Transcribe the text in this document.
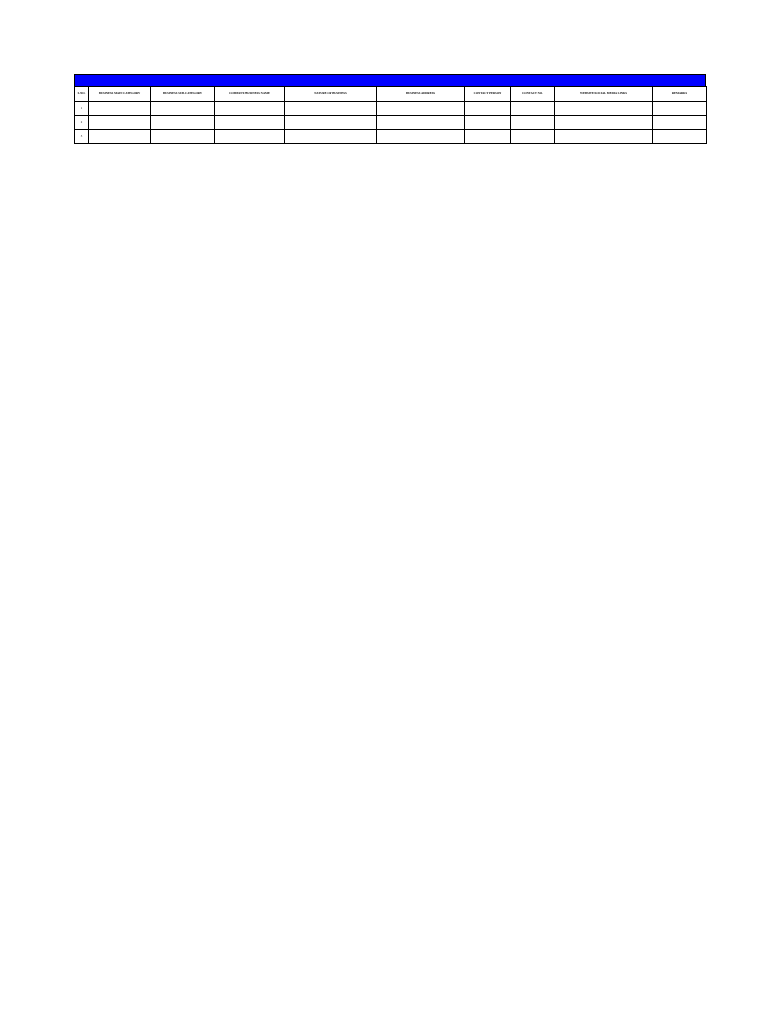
S.NO.	BUSINESS MAIN CATEGORY	BUSINESS SUB-CATEGORY	COMPANY/BUSINESS NAME	NATURE OF BUSINESS	BUSINESS ADDRESS	CONTACT PERSON	CONTACT NO.	WEBSITE/SOCIAL MEDIA LINKS	REMARKS
1									
2									
3									
